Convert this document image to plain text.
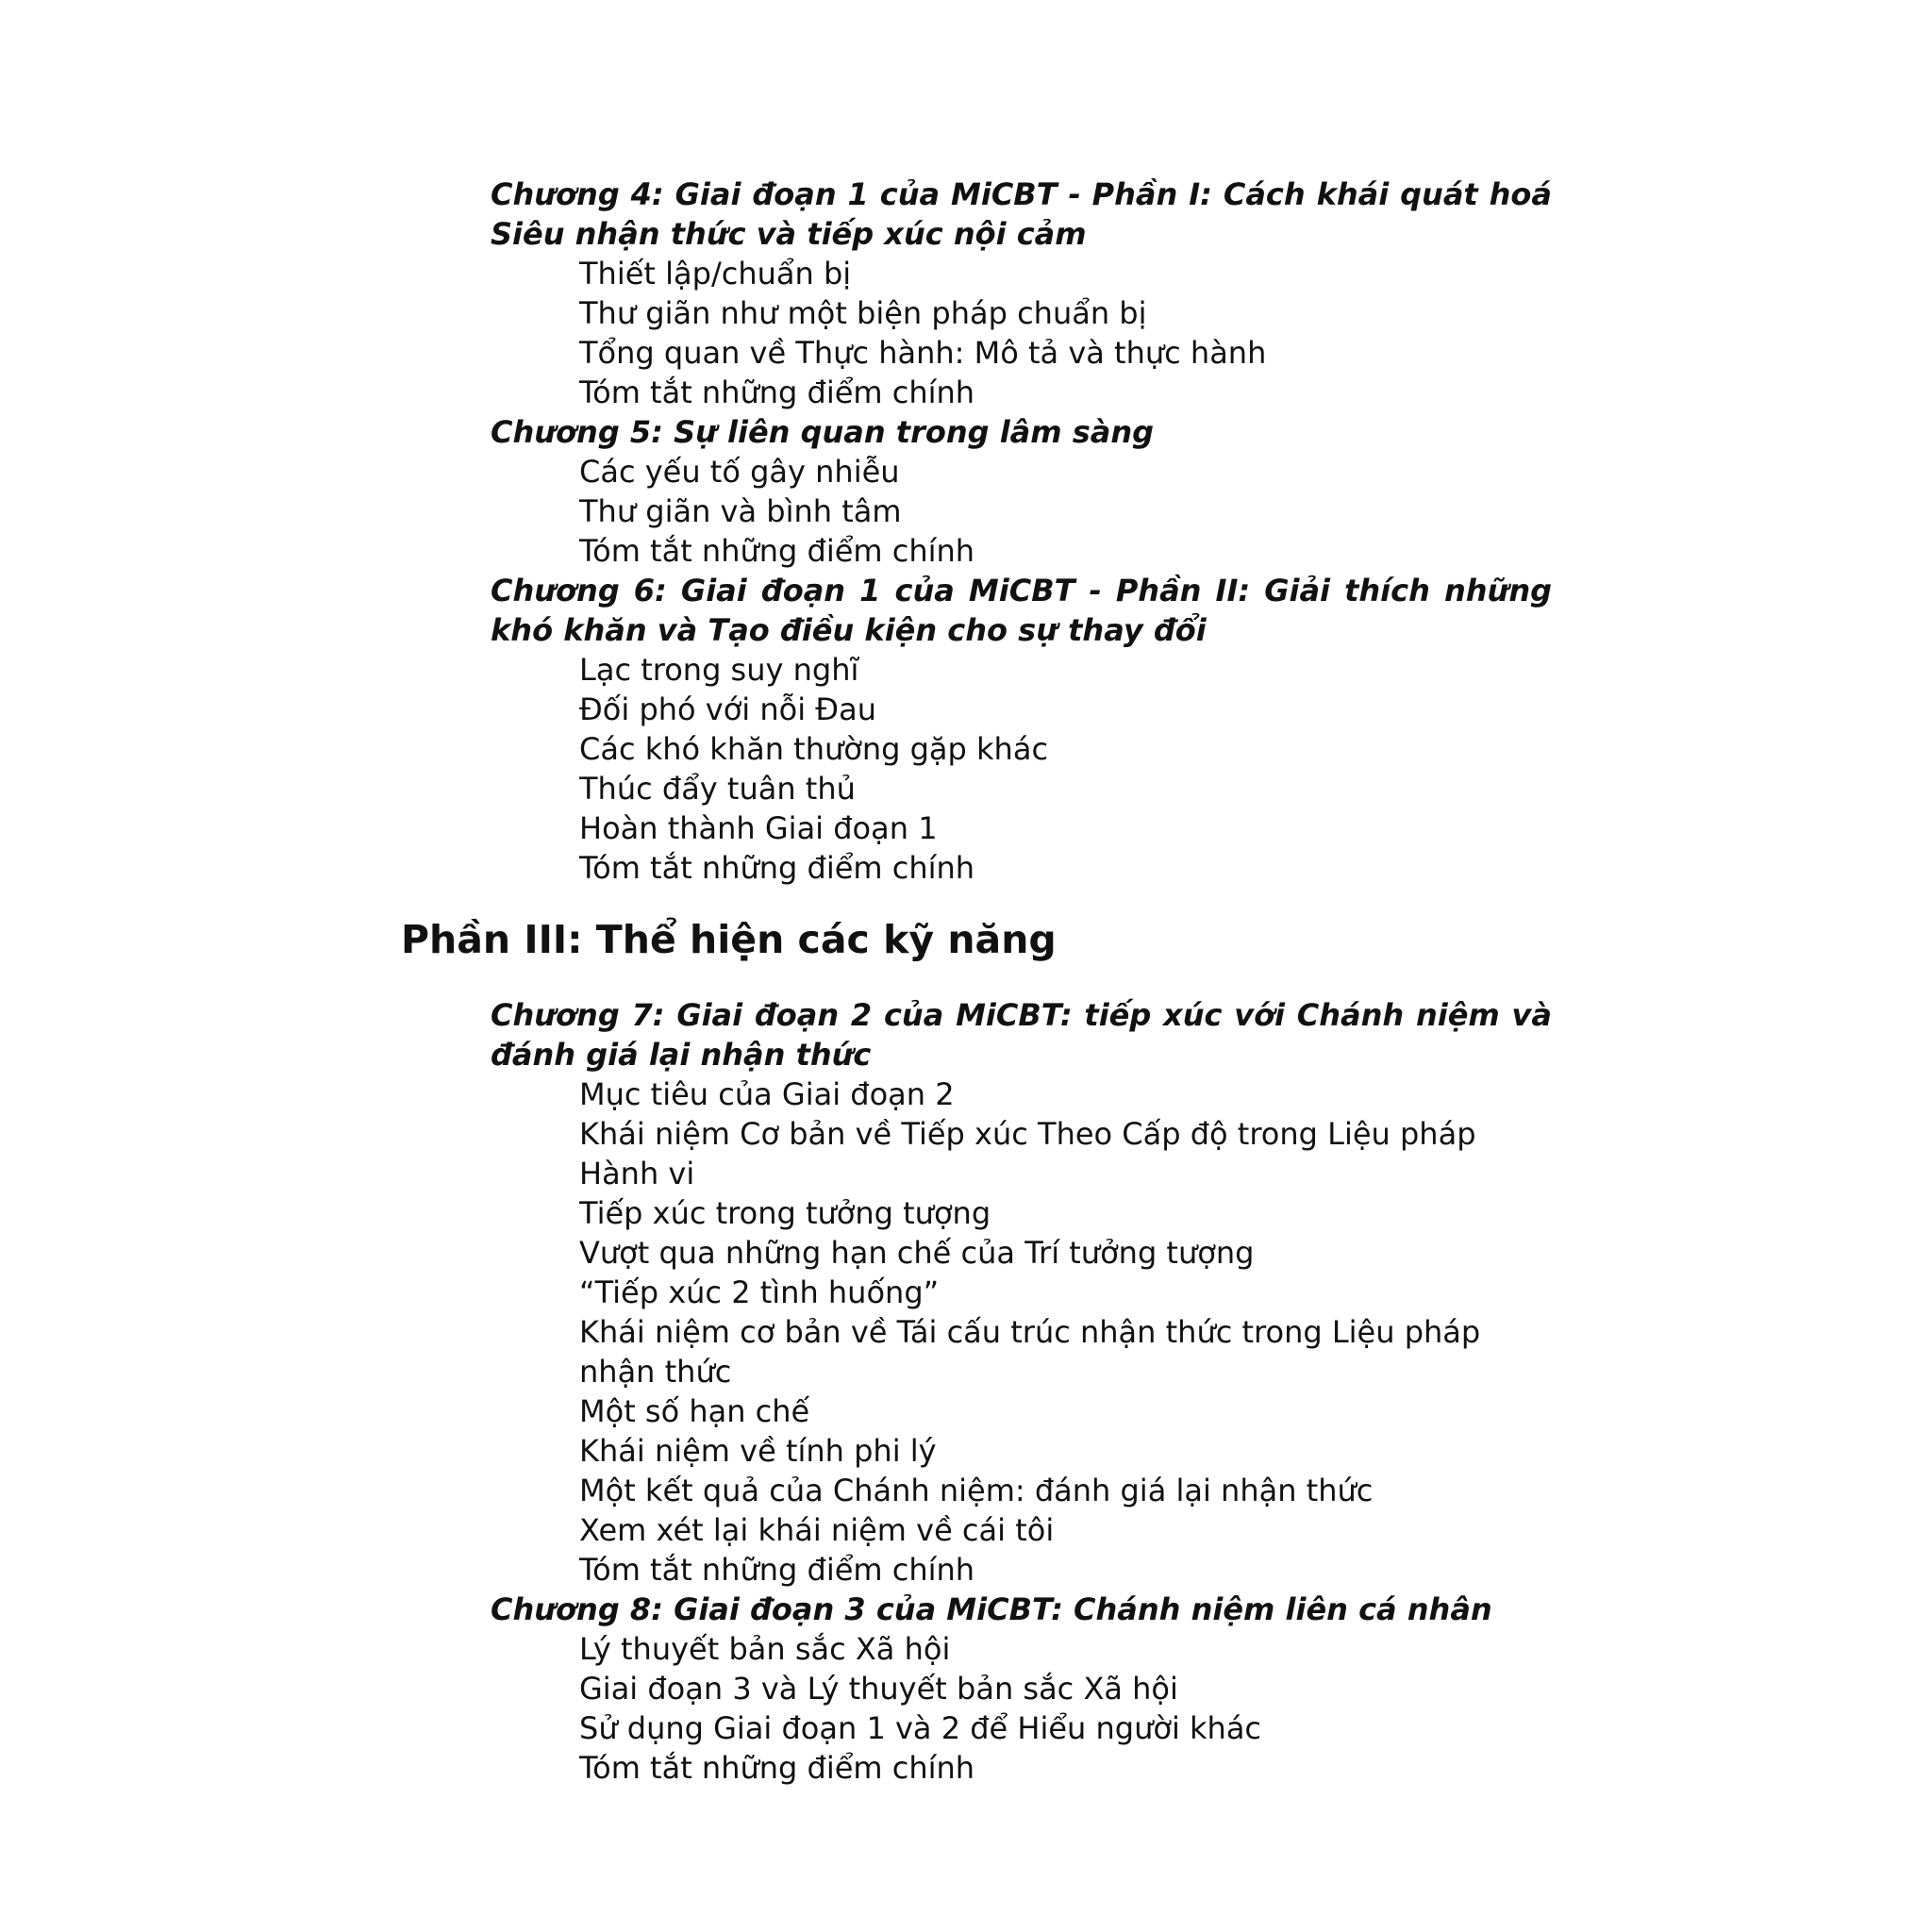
Chương 4: Giai đoạn 1 của MiCBT - Phần I: Cách khái quát hoá Siêu nhận thức và tiếp xúc nội cảm

Thiết lập/chuẩn bị

Thư giãn như một biện pháp chuẩn bị

Tổng quan về Thực hành: Mô tả và thực hành

Tóm tắt những điểm chính

Chương 5: Sự liên quan trong lâm sàng

Các yếu tố gây nhiễu

Thư giãn và bình tâm

Tóm tắt những điểm chính

Chương 6: Giai đoạn 1 của MiCBT - Phần II: Giải thích những khó khăn và Tạo điều kiện cho sự thay đổi

Lạc trong suy nghĩ

Đối phó với nỗi Đau

Các khó khăn thường gặp khác

Thúc đẩy tuân thủ

Hoàn thành Giai đoạn 1

Tóm tắt những điểm chính

Phần III: Thể hiện các kỹ năng

Chương 7: Giai đoạn 2 của MiCBT: tiếp xúc với Chánh niệm và đánh giá lại nhận thức

Mục tiêu của Giai đoạn 2

Khái niệm Cơ bản về Tiếp xúc Theo Cấp độ trong Liệu pháp Hành vi

Tiếp xúc trong tưởng tượng

Vượt qua những hạn chế của Trí tưởng tượng

“Tiếp xúc 2 tình huống”

Khái niệm cơ bản về Tái cấu trúc nhận thức trong Liệu pháp nhận thức

Một số hạn chế

Khái niệm về tính phi lý

Một kết quả của Chánh niệm: đánh giá lại nhận thức

Xem xét lại khái niệm về cái tôi

Tóm tắt những điểm chính

Chương 8: Giai đoạn 3 của MiCBT: Chánh niệm liên cá nhân

Lý thuyết bản sắc Xã hội

Giai đoạn 3 và Lý thuyết bản sắc Xã hội

Sử dụng Giai đoạn 1 và 2 để Hiểu người khác

Tóm tắt những điểm chính
